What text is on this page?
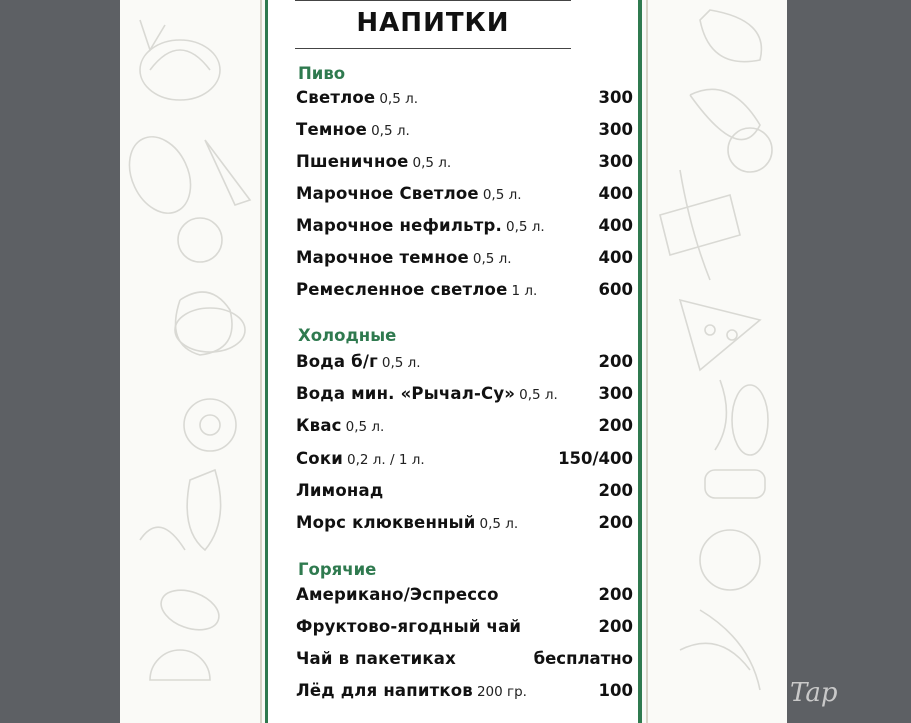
НАПИТКИ
Пиво
Светлое 0,5 л.	300
Темное 0,5 л.	300
Пшеничное 0,5 л.	300
Марочное Светлое 0,5 л.	400
Марочное нефильтр. 0,5 л.	400
Марочное темное 0,5 л.	400
Ремесленное светлое 1 л.	600
Холодные
Вода б/г 0,5 л.	200
Вода мин. «Рычал-Су» 0,5 л. 300
Квас 0,5 л.	200
Соки 0,2 л. / 1 л.	150/400
Лимонад	200
Морс клюквенный 0,5 л.	200
Горячие
Американо/Эспрессо	200
Фруктово-ягодный чай	200
Чай в пакетиках	бесплатно
Лёд для напитков 200 гр.	100	Tap
